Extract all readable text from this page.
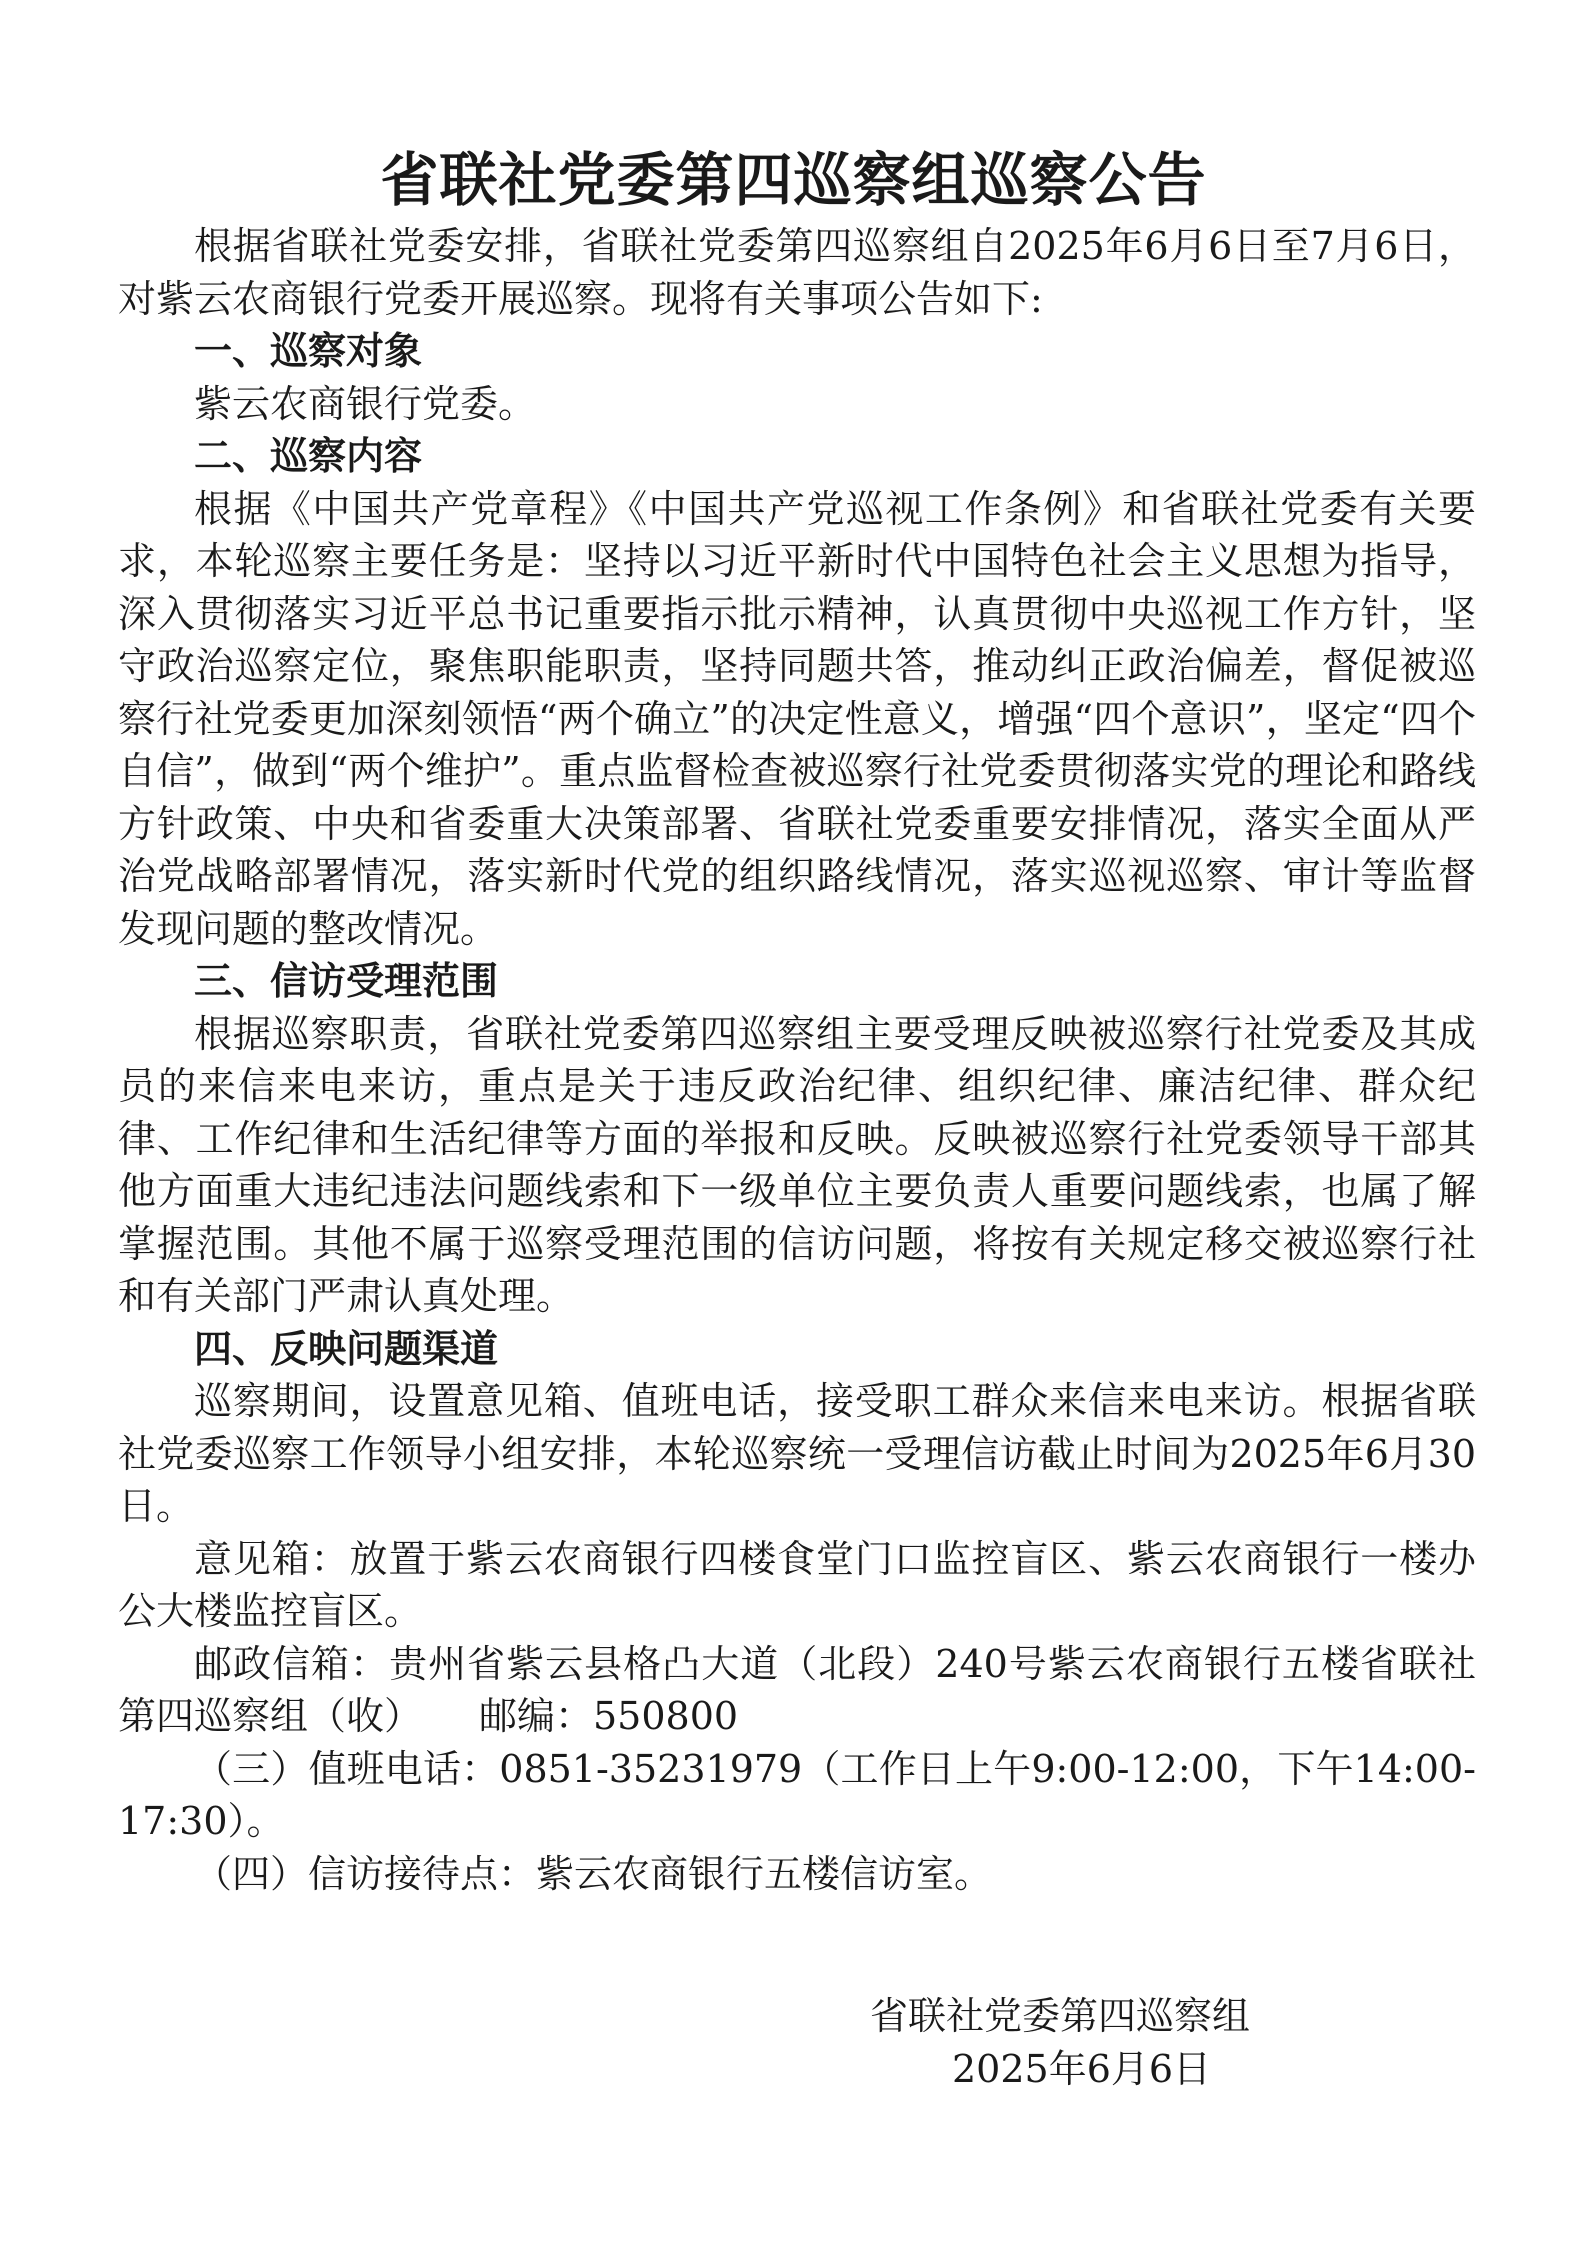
省联社党委第四巡察组巡察公告

根据省联社党委安排，省联社党委第四巡察组自2025年6月6日至7月6日，对紫云农商银行党委开展巡察。现将有关事项公告如下:

一、巡察对象

紫云农商银行党委。

二、巡察内容

根据《中国共产党章程》《中国共产党巡视工作条例》和省联社党委有关要求，本轮巡察主要任务是：坚持以习近平新时代中国特色社会主义思想为指导，深入贯彻落实习近平总书记重要指示批示精神，认真贯彻中央巡视工作方针，坚守政治巡察定位，聚焦职能职责，坚持同题共答，推动纠正政治偏差，督促被巡察行社党委更加深刻领悟“两个确立”的决定性意义，增强“四个意识”，坚定“四个自信”，做到“两个维护”。重点监督检查被巡察行社党委贯彻落实党的理论和路线方针政策、中央和省委重大决策部署、省联社党委重要安排情况，落实全面从严治党战略部署情况，落实新时代党的组织路线情况，落实巡视巡察、审计等监督发现问题的整改情况。

三、信访受理范围

根据巡察职责，省联社党委第四巡察组主要受理反映被巡察行社党委及其成员的来信来电来访，重点是关于违反政治纪律、组织纪律、廉洁纪律、群众纪律、工作纪律和生活纪律等方面的举报和反映。反映被巡察行社党委领导干部其他方面重大违纪违法问题线索和下一级单位主要负责人重要问题线索，也属了解掌握范围。其他不属于巡察受理范围的信访问题，将按有关规定移交被巡察行社和有关部门严肃认真处理。

四、反映问题渠道

巡察期间，设置意见箱、值班电话，接受职工群众来信来电来访。根据省联社党委巡察工作领导小组安排，本轮巡察统一受理信访截止时间为2025年6月30日。

意见箱：放置于紫云农商银行四楼食堂门口监控盲区、紫云农商银行一楼办公大楼监控盲区。

邮政信箱：贵州省紫云县格凸大道（北段）240号紫云农商银行五楼省联社第四巡察组（收）　　邮编：550800

（三）值班电话：0851-35231979（工作日上午9:00-12:00，下午14:00-17:30）。

（四）信访接待点：紫云农商银行五楼信访室。

省联社党委第四巡察组
2025年6月6日
